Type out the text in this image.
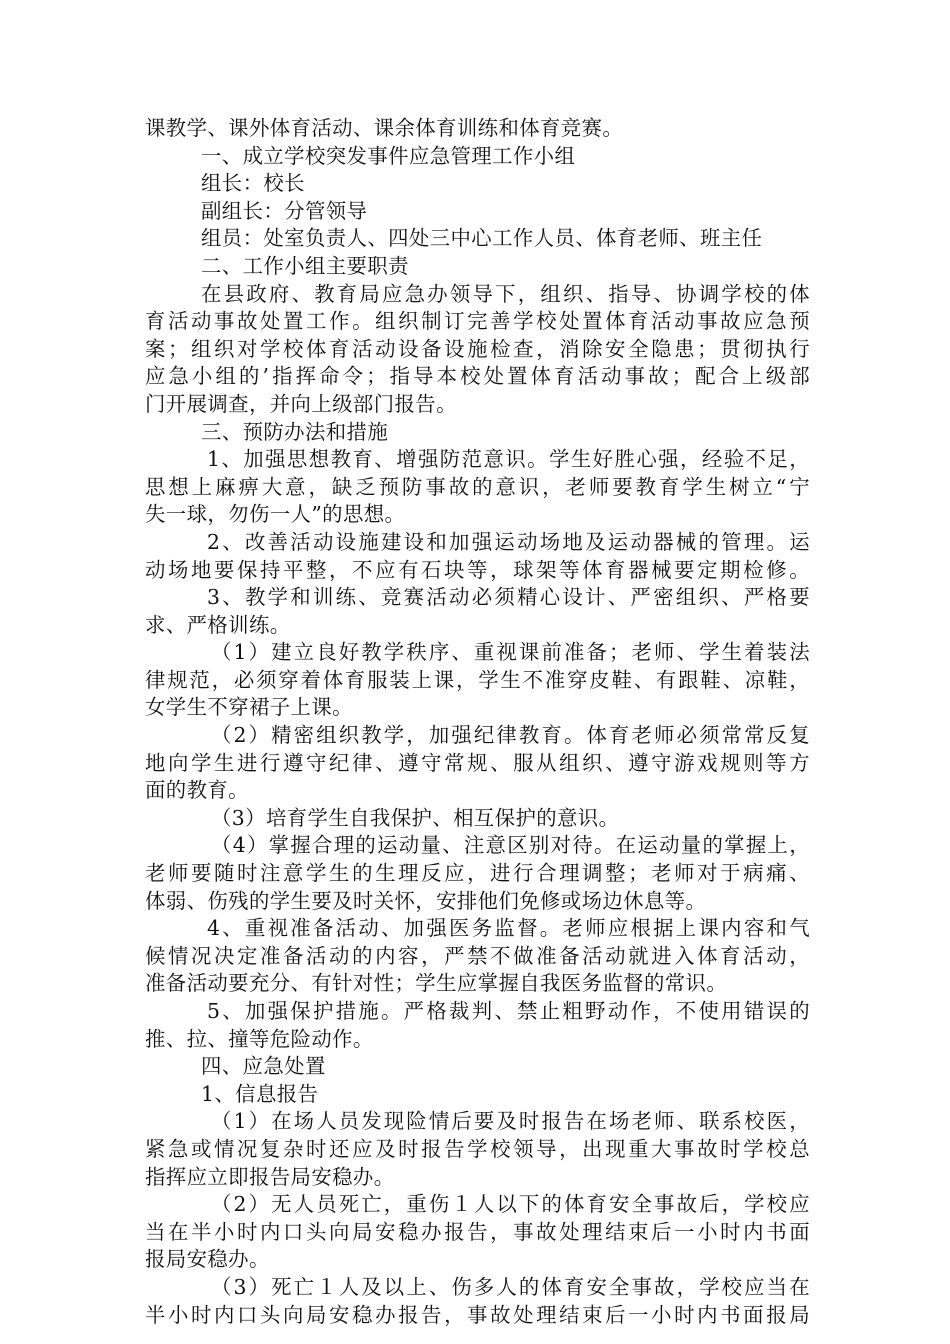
课教学、课外体育活动、课余体育训练和体育竞赛。
一、成立学校突发事件应急管理工作小组
组长：校长
副组长：分管领导
组员：处室负责人、四处三中心工作人员、体育老师、班主任
二、工作小组主要职责
在县政府、教育局应急办领导下，组织、指导、协调学校的体
育活动事故处置工作。组织制订完善学校处置体育活动事故应急预
案；组织对学校体育活动设备设施检查，消除安全隐患；贯彻执行
应急小组的’指挥命令；指导本校处置体育活动事故；配合上级部
门开展调查，并向上级部门报告。
三、预防办法和措施
1、加强思想教育、增强防范意识。学生好胜心强，经验不足，
思想上麻痹大意，缺乏预防事故的意识，老师要教育学生树立“宁
失一球，勿伤一人”的思想。
2、改善活动设施建设和加强运动场地及运动器械的管理。运
动场地要保持平整，不应有石块等，球架等体育器械要定期检修。
3、教学和训练、竞赛活动必须精心设计、严密组织、严格要
求、严格训练。
（1）建立良好教学秩序、重视课前准备；老师、学生着装法
律规范，必须穿着体育服装上课，学生不准穿皮鞋、有跟鞋、凉鞋，
女学生不穿裙子上课。
（2）精密组织教学，加强纪律教育。体育老师必须常常反复
地向学生进行遵守纪律、遵守常规、服从组织、遵守游戏规则等方
面的教育。
（3）培育学生自我保护、相互保护的意识。
（4）掌握合理的运动量、注意区别对待。在运动量的掌握上，
老师要随时注意学生的生理反应，进行合理调整；老师对于病痛、
体弱、伤残的学生要及时关怀，安排他们免修或场边休息等。
4、重视准备活动、加强医务监督。老师应根据上课内容和气
候情况决定准备活动的内容，严禁不做准备活动就进入体育活动，
准备活动要充分、有针对性；学生应掌握自我医务监督的常识。
5、加强保护措施。严格裁判、禁止粗野动作，不使用错误的
推、拉、撞等危险动作。
四、应急处置
1、信息报告
（1）在场人员发现险情后要及时报告在场老师、联系校医，
紧急或情况复杂时还应及时报告学校领导，出现重大事故时学校总
指挥应立即报告局安稳办。
（2）无人员死亡，重伤１人以下的体育安全事故后，学校应
当在半小时内口头向局安稳办报告，事故处理结束后一小时内书面
报局安稳办。
（3）死亡１人及以上、伤多人的体育安全事故，学校应当在
半小时内口头向局安稳办报告，事故处理结束后一小时内书面报局
